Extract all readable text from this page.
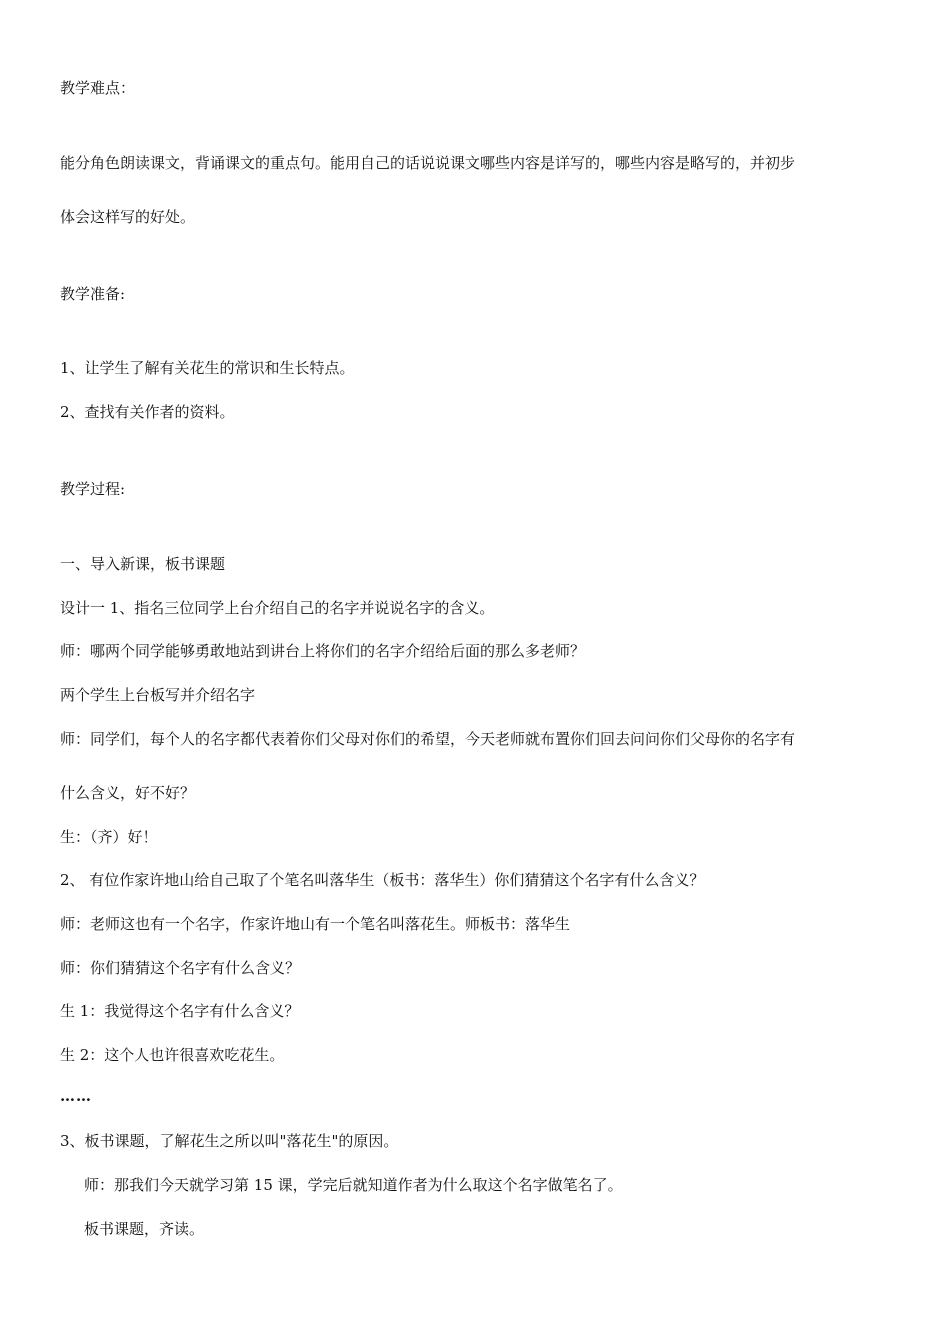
教学难点：
能分角色朗读课文，背诵课文的重点句。能用自己的话说说课文哪些内容是详写的，哪些内容是略写的，并初步
体会这样写的好处。
教学准备:
1、让学生了解有关花生的常识和生长特点。
2、查找有关作者的资料。
教学过程:
一、导入新课，板书课题
设计一 1、指名三位同学上台介绍自己的名字并说说名字的含义。
师：哪两个同学能够勇敢地站到讲台上将你们的名字介绍给后面的那么多老师？
两个学生上台板写并介绍名字
师：同学们，每个人的名字都代表着你们父母对你们的希望，今天老师就布置你们回去问问你们父母你的名字有
什么含义，好不好？
生：（齐）好！
2、 有位作家许地山给自己取了个笔名叫落华生（板书：落华生）你们猜猜这个名字有什么含义？
师：老师这也有一个名字，作家许地山有一个笔名叫落花生。师板书：落华生
师：你们猜猜这个名字有什么含义？
生 1：我觉得这个名字有什么含义？
生 2：这个人也许很喜欢吃花生。
……
3、板书课题，了解花生之所以叫"落花生"的原因。
师：那我们今天就学习第 15 课，学完后就知道作者为什么取这个名字做笔名了。
板书课题，齐读。
